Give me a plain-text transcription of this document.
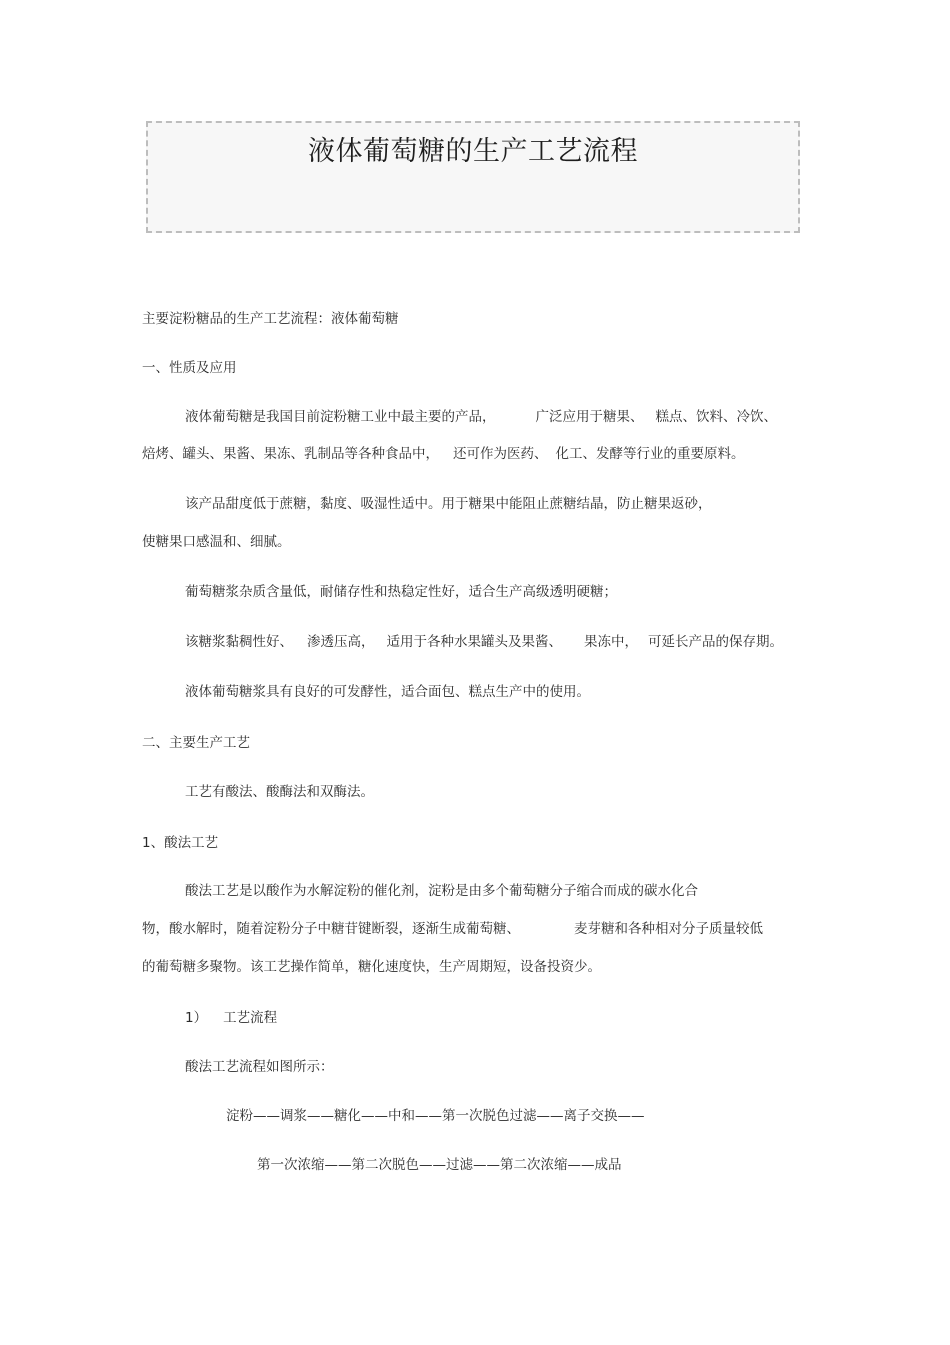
液体葡萄糖的生产工艺流程
主要淀粉糖品的生产工艺流程：液体葡萄糖
一、性质及应用
液体葡萄糖是我国目前淀粉糖工业中最主要的产品，	广泛应用于糖果、 糕点、饮料、冷饮、
焙烤、罐头、果酱、果冻、乳制品等各种食品中， 还可作为医药、 化工、发酵等行业的重要原料。
该产品甜度低于蔗糖，黏度、吸湿性适中。用于糖果中能阻止蔗糖结晶，防止糖果返砂，
使糖果口感温和、细腻。
葡萄糖浆杂质含量低，耐储存性和热稳定性好，适合生产高级透明硬糖；
该糖浆黏稠性好、 渗透压高， 适用于各种水果罐头及果酱、 果冻中， 可延长产品的保存期。
液体葡萄糖浆具有良好的可发酵性，适合面包、糕点生产中的使用。
二、主要生产工艺
工艺有酸法、酸酶法和双酶法。
1、酸法工艺
酸法工艺是以酸作为水解淀粉的催化剂，淀粉是由多个葡萄糖分子缩合而成的碳水化合
物，酸水解时，随着淀粉分子中糖苷键断裂，逐渐生成葡萄糖、	麦芽糖和各种相对分子质量较低
的葡萄糖多聚物。该工艺操作简单，糖化速度快，生产周期短，设备投资少。
1） 工艺流程
酸法工艺流程如图所示：
淀粉——调浆——糖化——中和——第一次脱色过滤——离子交换——
第一次浓缩——第二次脱色——过滤——第二次浓缩——成品
